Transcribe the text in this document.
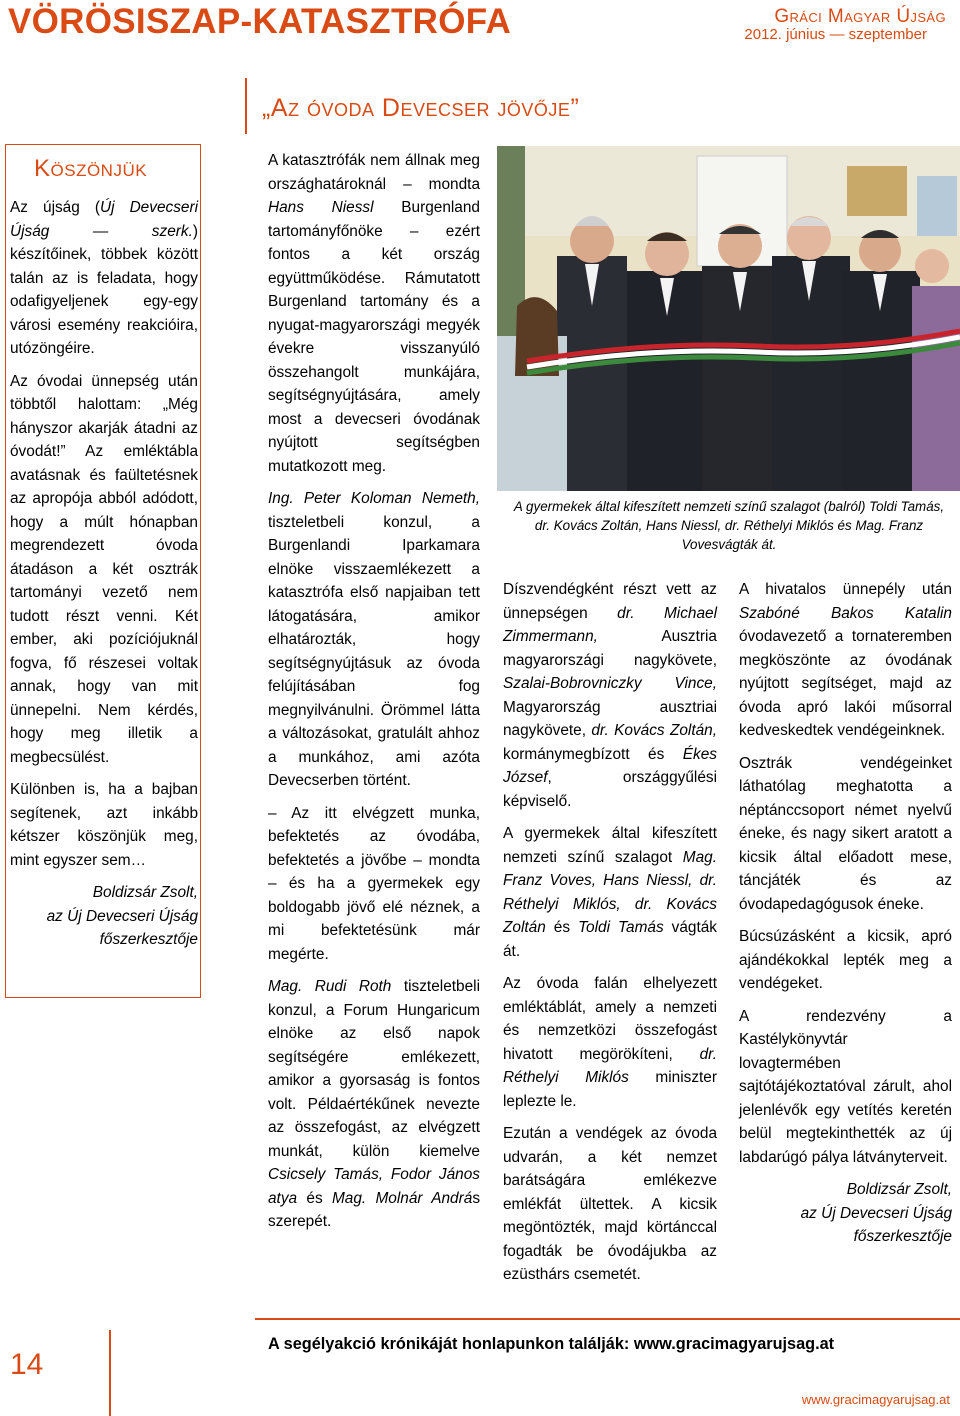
VÖRÖSISZAP-KATASZTRÓFA	Gráci Magyar Újság
2012. június — szeptember
„Az óvoda Devecser jövője”
Köszönjük

Az újság (Új Devecseri Újság — szerk.) készítőinek, többek között talán az is feladata, hogy odafigyeljenek egy-egy városi esemény reakcióira, utózöngéire.

Az óvodai ünnepség után többtől halottam: „Még hányszor akarják átadni az óvodát!” Az emléktábla avatásnak és faültetésnek az apropója abból adódott, hogy a múlt hónapban megrendezett óvoda átadáson a két osztrák tartományi vezető nem tudott részt venni. Két ember, aki pozíciójuknál fogva, fő részesei voltak annak, hogy van mit ünnepelni. Nem kérdés, hogy meg illetik a megbecsülést.

Különben is, ha a bajban segítenek, azt inkább kétszer köszönjük meg, mint egyszer sem…

Boldizsár Zsolt,
az Új Devecseri Újság
főszerkesztője

A katasztrófák nem állnak meg országhatároknál – mondta Hans Niessl Burgenland tartományfőnöke – ezért fontos a két ország együttműködése. Rámutatott Burgenland tartomány és a nyugat-magyarországi megyék évekre visszanyúló összehangolt munkájára, segítségnyújtására, amely most a devecseri óvodának nyújtott segítségben mutatkozott meg.

Ing. Peter Koloman Nemeth, tiszteletbeli konzul, a Burgenlandi Iparkamara elnöke visszaemlékezett a katasztrófa első napjaiban tett látogatására, amikor elhatározták, hogy segítségnyújtásuk az óvoda felújításában fog megnyilvánulni. Örömmel látta a változásokat, gratulált ahhoz a munkához, ami azóta Devecserben történt.

– Az itt elvégzett munka, befektetés az óvodába, befektetés a jövőbe – mondta – és ha a gyermekek egy boldogabb jövő elé néznek, a mi befektetésünk már megérte.

Mag. Rudi Roth tiszteletbeli konzul, a Forum Hungaricum elnöke az első napok segítségére emlékezett, amikor a gyorsaság is fontos volt. Példaértékűnek nevezte az összefogást, az elvégzett munkát, külön kiemelve Csicsely Tamás, Fodor János atya és Mag. Molnár András szerepét.

A gyermekek által kifeszített nemzeti színű szalagot (balról) Toldi Tamás, dr. Kovács Zoltán, Hans Niessl, dr. Réthelyi Miklós és Mag. Franz Vovesvágták át.

Díszvendégként részt vett az ünnepségen dr. Michael Zimmermann, Ausztria magyarországi nagykövete, Szalai-Bobrovniczky Vince, Magyarország ausztriai nagykövete, dr. Kovács Zoltán, kormánymegbízott és Ékes József, országgyűlési képviselő.

A gyermekek által kifeszített nemzeti színű szalagot Mag. Franz Voves, Hans Niessl, dr. Réthelyi Miklós, dr. Kovács Zoltán és Toldi Tamás vágták át.

Az óvoda falán elhelyezett emléktáblát, amely a nemzeti és nemzetközi összefogást hivatott megörökíteni, dr. Réthelyi Miklós miniszter leplezte le.

Ezután a vendégek az óvoda udvarán, a két nemzet barátságára emlékezve emlékfát ültettek. A kicsik megöntözték, majd körtánccal fogadták be óvodájukba az ezüsthárs csemetét.

A hivatalos ünnepély után Szabóné Bakos Katalin óvodavezető a tornateremben megköszönte az óvodának nyújtott segítséget, majd az óvoda apró lakói műsorral kedveskedtek vendégeinknek.

Osztrák vendégeinket láthatólag meghatotta a néptánccsoport német nyelvű éneke, és nagy sikert aratott a kicsik által előadott mese, táncjáték és az óvodapedagógusok éneke.

Búcsúzásként a kicsik, apró ajándékokkal lepték meg a vendégeket.

A rendezvény a Kastélykönyvtár lovagtermében sajtótájékoztatóval zárult, ahol jelenlévők egy vetítés keretén belül megtekinthették az új labdarúgó pálya látványterveit.

Boldizsár Zsolt,
az Új Devecseri Újság
főszerkesztője
14
A segélyakció krónikáját honlapunkon találják: www.gracimagyarujsag.at
www.gracimagyarujsag.at
